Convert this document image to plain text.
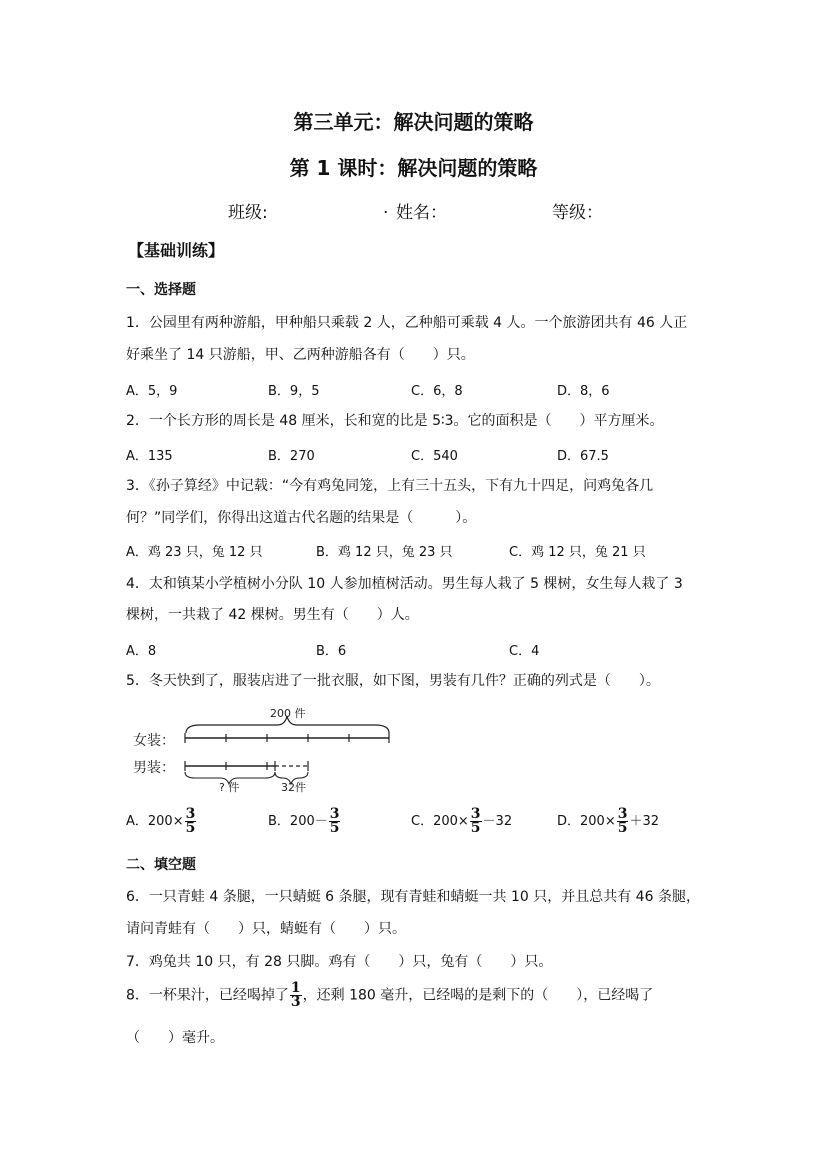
第三单元：解决问题的策略
第 1 课时：解决问题的策略
班级:	. 姓名：	等级：
【基础训练】
一、选择题
1．公园里有两种游船，甲种船只乘载 2 人，乙种船可乘载 4 人。一个旅游团共有 46 人正
好乘坐了 14 只游船，甲、乙两种游船各有（　　）只。
A．5，9	B．9，5	C．6，8	D．8，6
2．一个长方形的周长是 48 厘米，长和宽的比是 5∶3。它的面积是（　　）平方厘米。
A．135	B．270	C．540	D．67.5
3．《孙子算经》中记载：“今有鸡兔同笼，上有三十五头，下有九十四足，问鸡兔各几
何？”同学们，你得出这道古代名题的结果是（　　　）。
A．鸡 23 只，兔 12 只	B．鸡 12 只，兔 23 只	C．鸡 12 只，兔 21 只
4．太和镇某小学植树小分队 10 人参加植树活动。男生每人栽了 5 棵树，女生每人栽了 3
棵树，一共栽了 42 棵树。男生有（　　）人。
A．8	B．6	C．4
5．冬天快到了，服装店进了一批衣服，如下图，男装有几件？正确的列式是（　　）。
200 件
女装：
男装：
? 件	32件
A．$200\times \frac{3}{5}$	B．$200- \frac{3}{5}$	C．$200\times \frac{3}{5} -32$	D．$200\times \frac{3}{5} +32$
二、填空题
6．一只青蛙 4 条腿，一只蜻蜓 6 条腿，现有青蛙和蜻蜓一共 10 只，并且总共有 46 条腿，
请问青蛙有（　　）只，蜻蜓有（　　）只。
7．鸡兔共 10 只，有 28 只脚。鸡有（　　）只，兔有（　　）只。
8．一杯果汁，已经喝掉了 $\frac{1}{3}$ ，还剩 180 毫升，已经喝的是剩下的（　　），已经喝了
（　　）毫升。
